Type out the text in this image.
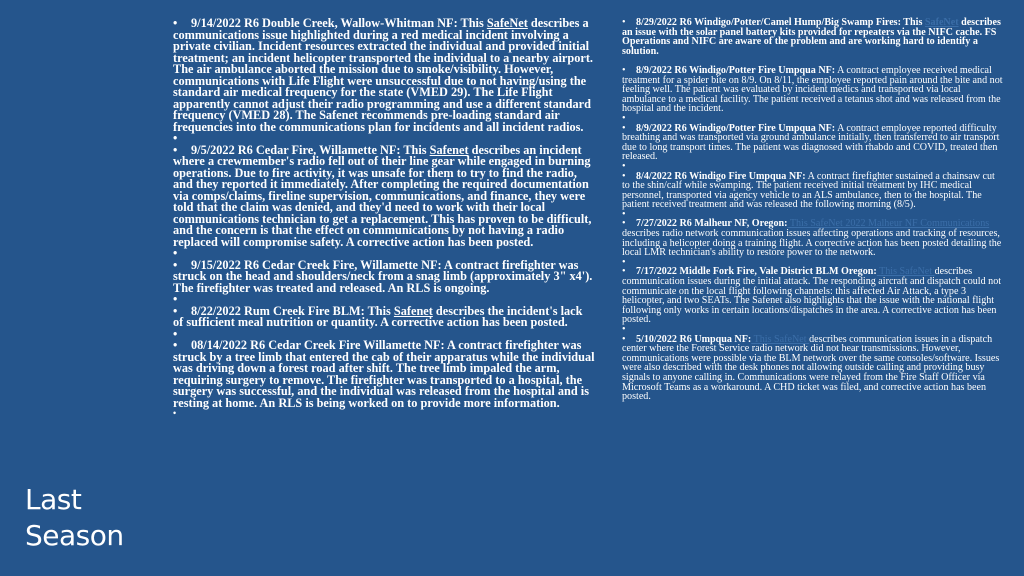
• 9/14/2022 R6 Double Creek, Wallow-Whitman NF: This SafeNet describes a communications issue highlighted during a red medical incident involving a private civilian. Incident resources extracted the individual and provided initial treatment; an incident helicopter transported the individual to a nearby airport. The air ambulance aborted the mission due to smoke/visibility. However, communications with Life Flight were unsuccessful due to not having/using the standard air medical frequency for the state (VMED 29). The Life Flight apparently cannot adjust their radio programming and use a different standard frequency (VMED 28). The Safenet recommends pre-loading standard air frequencies into the communications plan for incidents and all incident radios.

•

• 9/5/2022 R6 Cedar Fire, Willamette NF: This Safenet describes an incident where a crewmember's radio fell out of their line gear while engaged in burning operations. Due to fire activity, it was unsafe for them to try to find the radio, and they reported it immediately. After completing the required documentation via comps/claims, fireline supervision, communications, and finance, they were told that the claim was denied, and they'd need to work with their local communications technician to get a replacement. This has proven to be difficult, and the concern is that the effect on communications by not having a radio replaced will compromise safety. A corrective action has been posted.

•

• 9/15/2022 R6 Cedar Creek Fire, Willamette NF: A contract firefighter was struck on the head and shoulders/neck from a snag limb (approximately 3" x4'). The firefighter was treated and released. An RLS is ongoing.

•

• 8/22/2022 Rum Creek Fire BLM: This Safenet describes the incident's lack of sufficient meal nutrition or quantity. A corrective action has been posted.

•

• 08/14/2022 R6 Cedar Creek Fire Willamette NF: A contract firefighter was struck by a tree limb that entered the cab of their apparatus while the individual was driving down a forest road after shift. The tree limb impaled the arm, requiring surgery to remove. The firefighter was transported to a hospital, the surgery was successful, and the individual was released from the hospital and is resting at home. An RLS is being worked on to provide more information.

•

• 8/29/2022 R6 Windigo/Potter/Camel Hump/Big Swamp Fires: This SafeNet describes an issue with the solar panel battery kits provided for repeaters via the NIFC cache. FS Operations and NIFC are aware of the problem and are working hard to identify a solution.

• 8/9/2022 R6 Windigo/Potter Fire Umpqua NF: A contract employee received medical treatment for a spider bite on 8/9. On 8/11, the employee reported pain around the bite and not feeling well. The patient was evaluated by incident medics and transported via local ambulance to a medical facility. The patient received a tetanus shot and was released from the hospital and the incident.

•

• 8/9/2022 R6 Windigo/Potter Fire Umpqua NF: A contract employee reported difficulty breathing and was transported via ground ambulance initially, then transferred to air transport due to long transport times. The patient was diagnosed with rhabdo and COVID, treated then released.

•

• 8/4/2022 R6 Windigo Fire Umpqua NF: A contract firefighter sustained a chainsaw cut to the shin/calf while swamping. The patient received initial treatment by IHC medical personnel, transported via agency vehicle to an ALS ambulance, then to the hospital. The patient received treatment and was released the following morning (8/5).

•

• 7/27/2022 R6 Malheur NF, Oregon: This SafeNet 2022 Malheur NF Communications describes radio network communication issues affecting operations and tracking of resources, including a helicopter doing a training flight. A corrective action has been posted detailing the local LMR technician's ability to restore power to the network.

•

• 7/17/2022 Middle Fork Fire, Vale District BLM Oregon: This SafeNet describes communication issues during the initial attack. The responding aircraft and dispatch could not communicate on the local flight following channels: this affected Air Attack, a type 3 helicopter, and two SEATs. The Safenet also highlights that the issue with the national flight following only works in certain locations/dispatches in the area. A corrective action has been posted.

•

• 5/10/2022 R6 Umpqua NF: This SafeNet describes communication issues in a dispatch center where the Forest Service radio network did not hear transmissions. However, communications were possible via the BLM network over the same consoles/software. Issues were also described with the desk phones not allowing outside calling and providing busy signals to anyone calling in. Communications were relayed from the Fire Staff Officer via Microsoft Teams as a workaround. A CHD ticket was filed, and corrective action has been posted.

Last
Season
